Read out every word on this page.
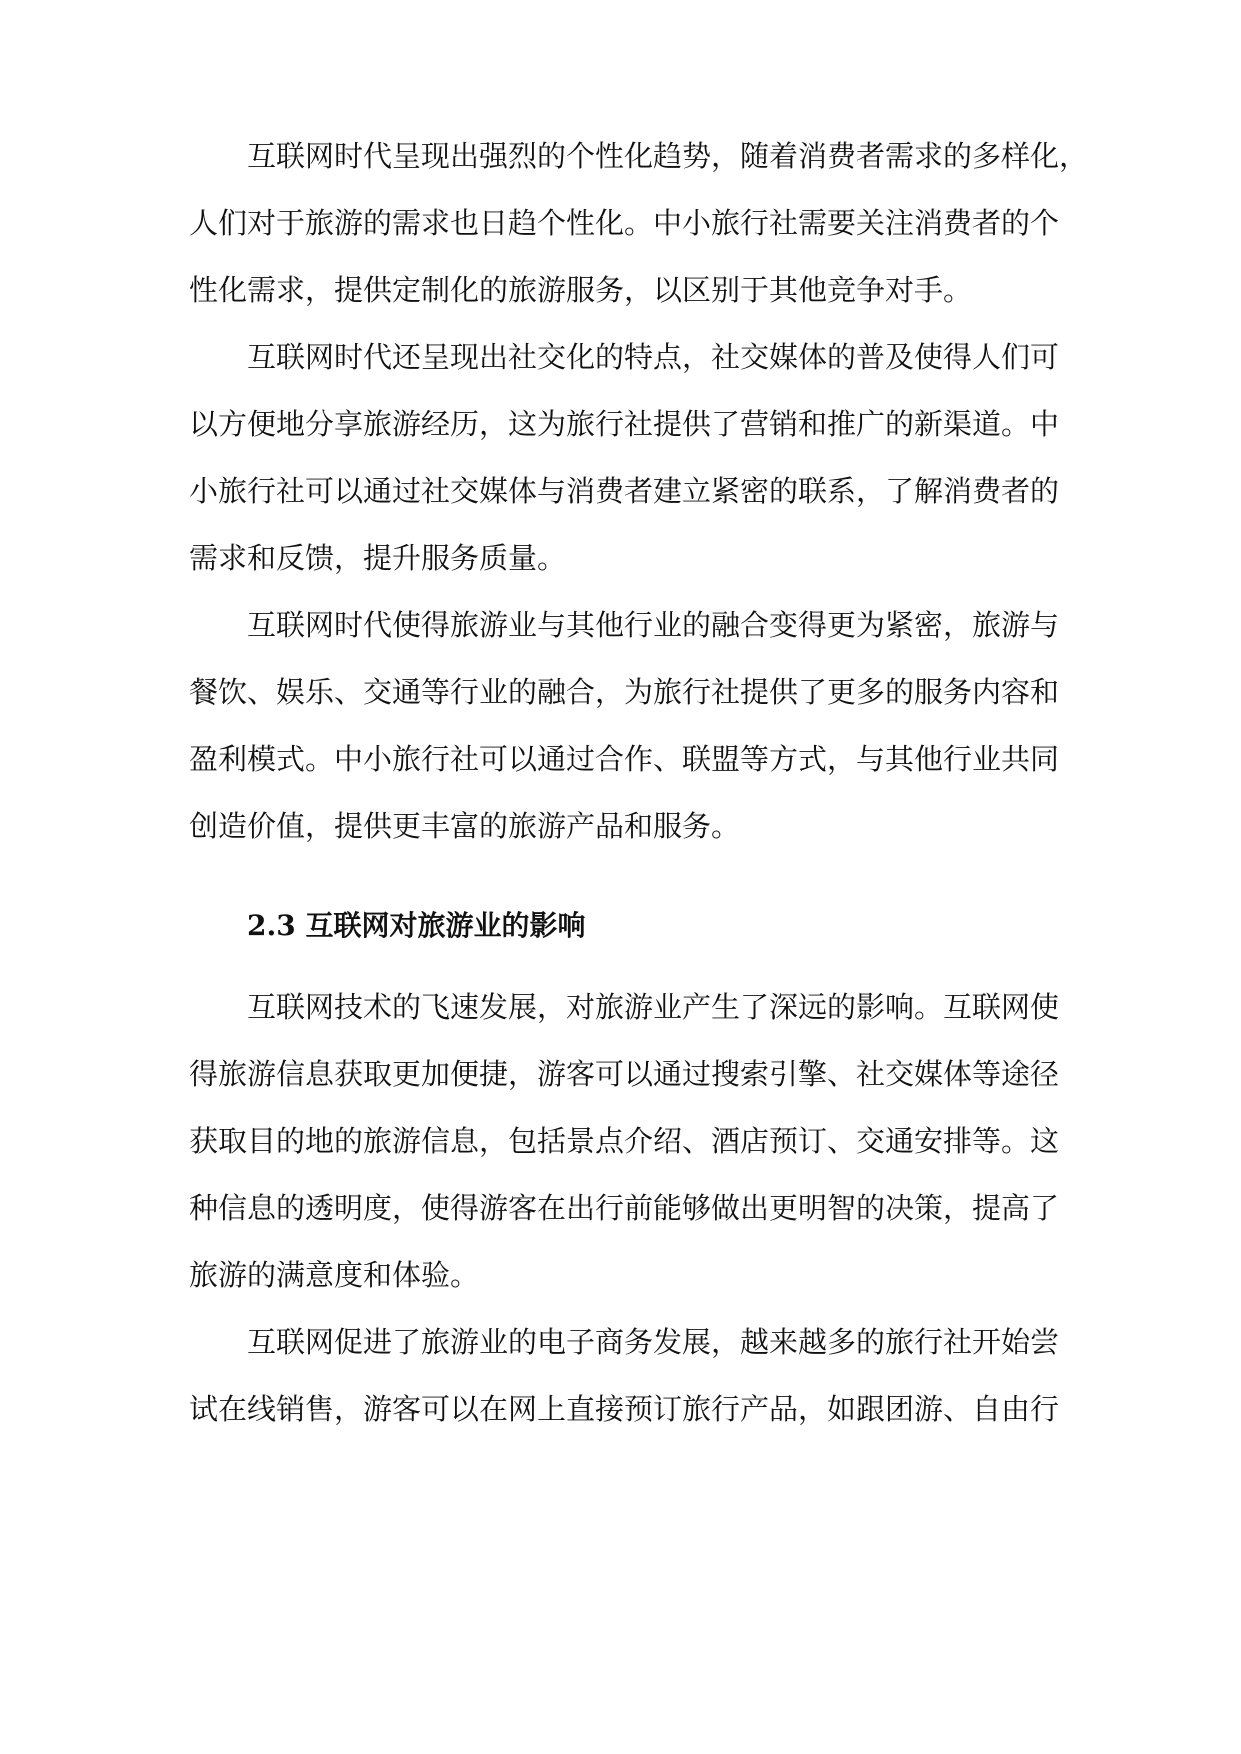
互联网时代呈现出强烈的个性化趋势，随着消费者需求的多样化，
人们对于旅游的需求也日趋个性化。中小旅行社需要关注消费者的个
性化需求，提供定制化的旅游服务，以区别于其他竞争对手。
互联网时代还呈现出社交化的特点，社交媒体的普及使得人们可
以方便地分享旅游经历，这为旅行社提供了营销和推广的新渠道。中
小旅行社可以通过社交媒体与消费者建立紧密的联系，了解消费者的
需求和反馈，提升服务质量。
互联网时代使得旅游业与其他行业的融合变得更为紧密，旅游与
餐饮、娱乐、交通等行业的融合，为旅行社提供了更多的服务内容和
盈利模式。中小旅行社可以通过合作、联盟等方式，与其他行业共同
创造价值，提供更丰富的旅游产品和服务。
2.3 互联网对旅游业的影响
互联网技术的飞速发展，对旅游业产生了深远的影响。互联网使
得旅游信息获取更加便捷，游客可以通过搜索引擎、社交媒体等途径
获取目的地的旅游信息，包括景点介绍、酒店预订、交通安排等。这
种信息的透明度，使得游客在出行前能够做出更明智的决策，提高了
旅游的满意度和体验。
互联网促进了旅游业的电子商务发展，越来越多的旅行社开始尝
试在线销售，游客可以在网上直接预订旅行产品，如跟团游、自由行
